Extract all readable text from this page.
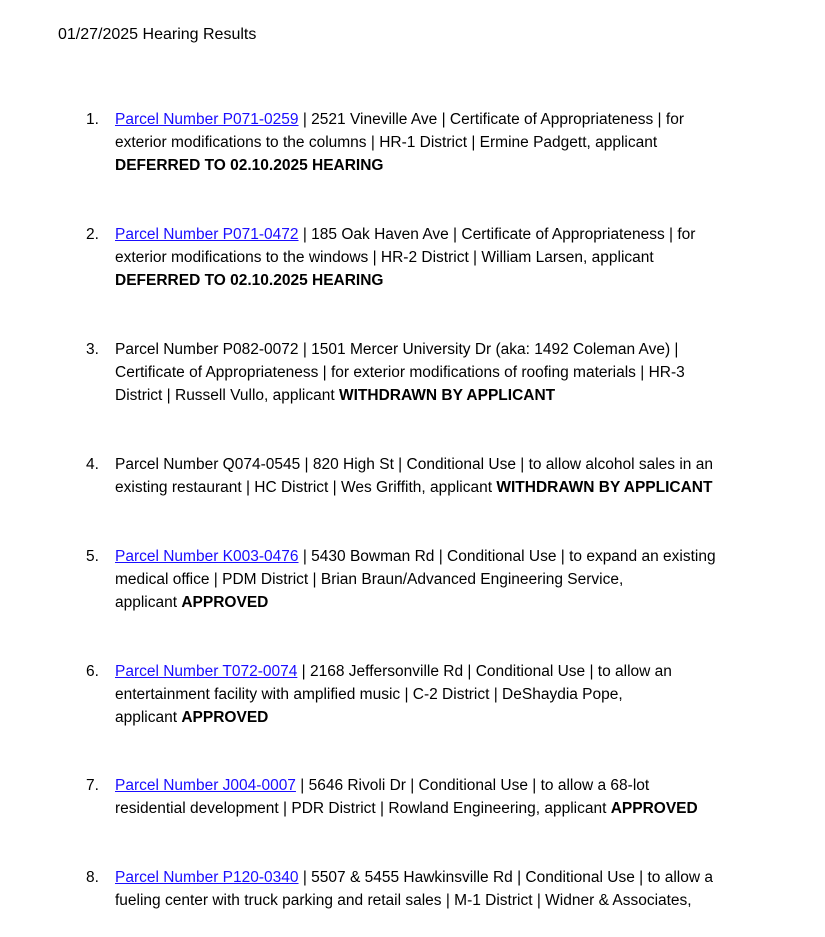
01/27/2025 Hearing Results
1.	Parcel Number P071-0259 | 2521 Vineville Ave | Certificate of Appropriateness | for
exterior modifications to the columns | HR-1 District | Ermine Padgett, applicant
DEFERRED TO 02.10.2025 HEARING
2.	Parcel Number P071-0472 | 185 Oak Haven Ave | Certificate of Appropriateness | for
exterior modifications to the windows | HR-2 District | William Larsen, applicant
DEFERRED TO 02.10.2025 HEARING
3.	Parcel Number P082-0072 | 1501 Mercer University Dr (aka: 1492 Coleman Ave) |
Certificate of Appropriateness | for exterior modifications of roofing materials | HR-3
District | Russell Vullo, applicant WITHDRAWN BY APPLICANT
4.	Parcel Number Q074-0545 | 820 High St | Conditional Use | to allow alcohol sales in an
existing restaurant | HC District | Wes Griffith, applicant WITHDRAWN BY APPLICANT
5.	Parcel Number K003-0476 | 5430 Bowman Rd | Conditional Use | to expand an existing
medical office | PDM District | Brian Braun/Advanced Engineering Service,
applicant APPROVED
6.	Parcel Number T072-0074 | 2168 Jeffersonville Rd | Conditional Use | to allow an
entertainment facility with amplified music | C-2 District | DeShaydia Pope,
applicant APPROVED
7.	Parcel Number J004-0007 | 5646 Rivoli Dr | Conditional Use | to allow a 68-lot
residential development | PDR District | Rowland Engineering, applicant APPROVED
8.	Parcel Number P120-0340 | 5507 & 5455 Hawkinsville Rd | Conditional Use | to allow a
fueling center with truck parking and retail sales | M-1 District | Widner & Associates,
